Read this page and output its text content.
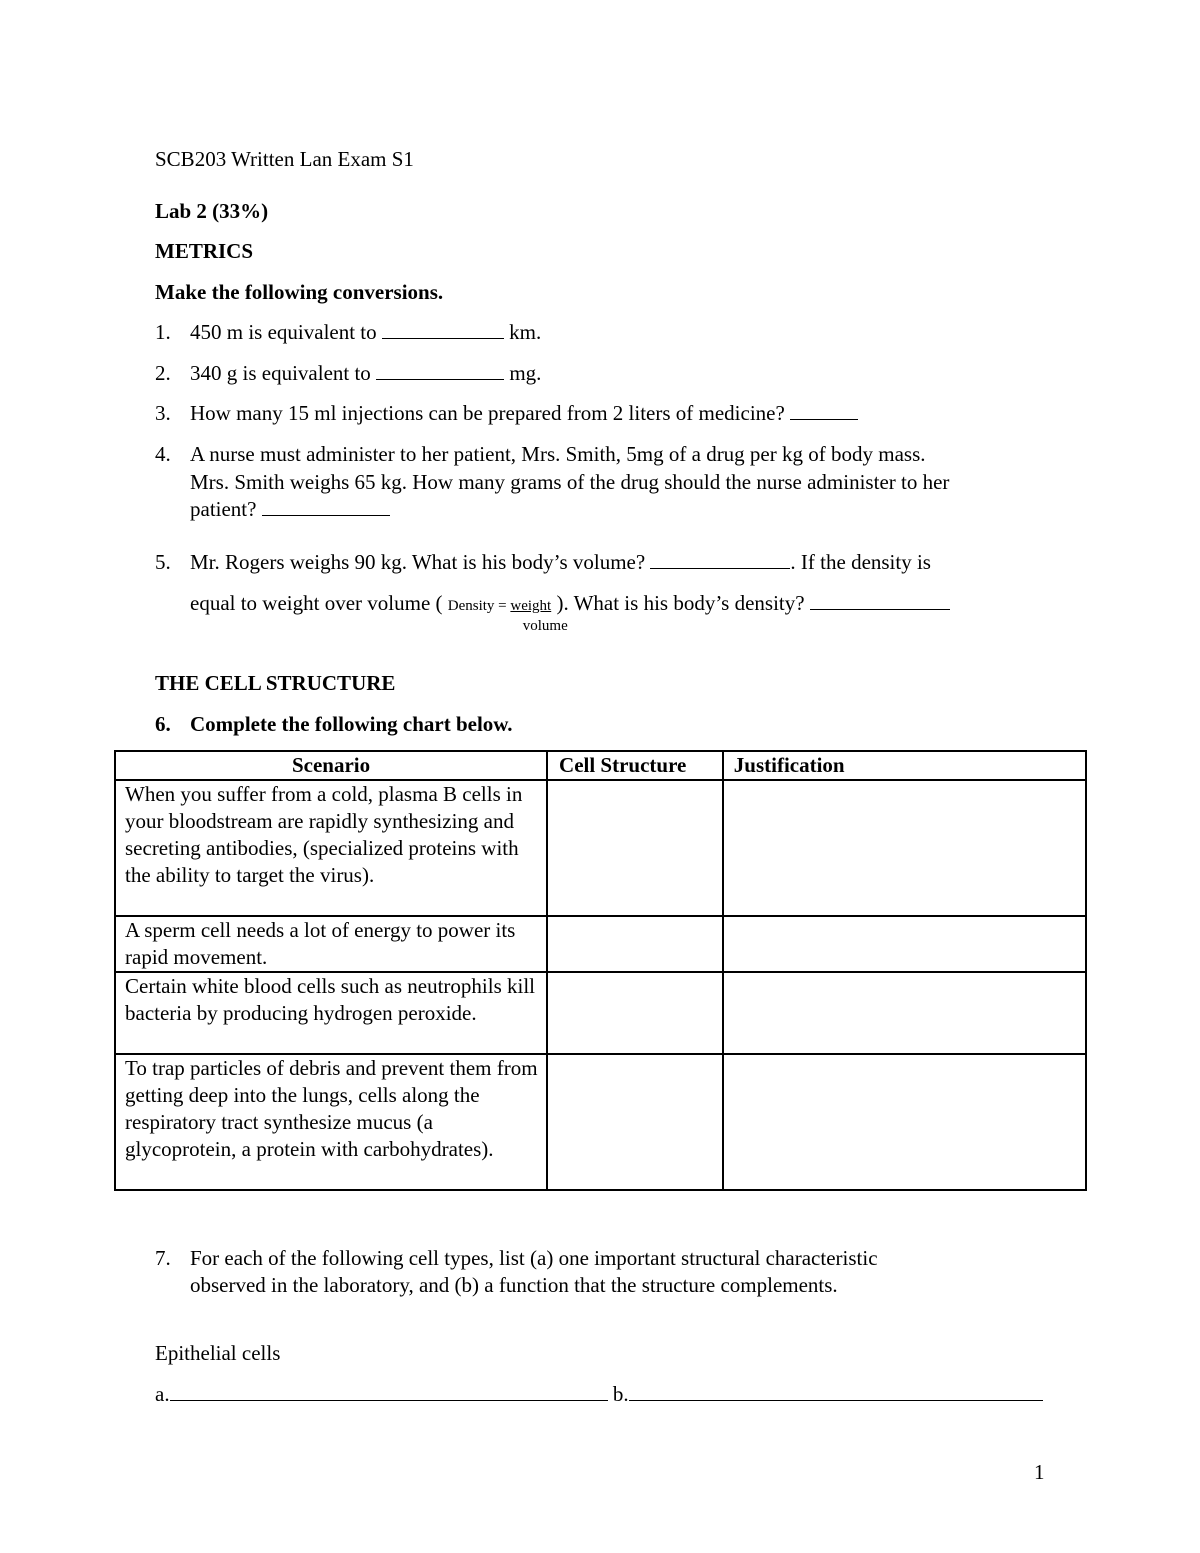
SCB203 Written Lan Exam S1
Lab 2 (33%)
METRICS
Make the following conversions.
1. 450 m is equivalent to	km.
2. 340 g is equivalent to	mg.
3. How many 15 ml injections can be prepared from 2 liters of medicine?
4. A nurse must administer to her patient, Mrs. Smith, 5mg of a drug per kg of body mass.
Mrs. Smith weighs 65 kg. How many grams of the drug should the nurse administer to her
patient?
5. Mr. Rogers weighs 90 kg. What is his body’s volume?	. If the density is
equal to weight over volume ( Density = weight
volume
). What is his body’s density?
THE CELL STRUCTURE
6. Complete the following chart below.
Scenario	Cell Structure	Justification
When you suffer from a cold, plasma B cells in your bloodstream are rapidly synthesizing and secreting antibodies, (specialized proteins with the ability to target the virus).		
A sperm cell needs a lot of energy to power its rapid movement.		
Certain white blood cells such as neutrophils kill bacteria by producing hydrogen peroxide.		
To trap particles of debris and prevent them from getting deep into the lungs, cells along the respiratory tract synthesize mucus (a glycoprotein, a protein with carbohydrates).		
7. For each of the following cell types, list (a) one important structural characteristic
observed in the laboratory, and (b) a function that the structure complements.
Epithelial cells
a.	b.
1
